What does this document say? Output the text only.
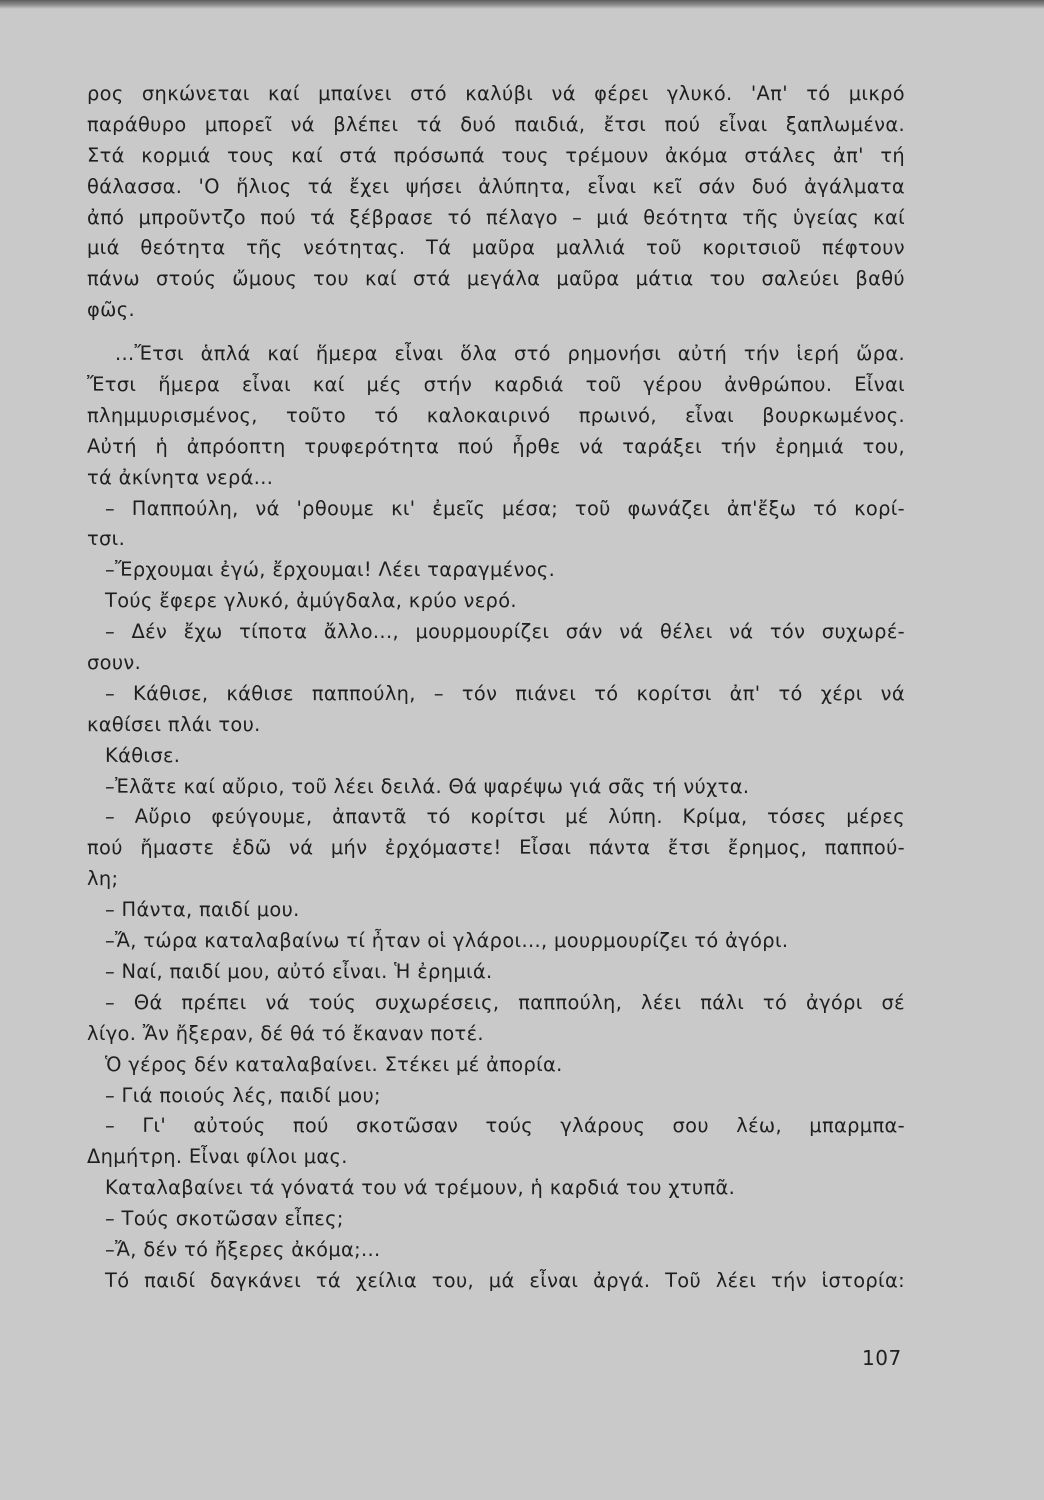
ρος σηκώνεται καί μπαίνει στό καλύβι νά φέρει γλυκό. 'Απ' τό μικρό
παράθυρο μπορεῖ νά βλέπει τά δυό παιδιά, ἔτσι πού εἶναι ξαπλωμένα.
Στά κορμιά τους καί στά πρόσωπά τους τρέμουν ἀκόμα στάλες ἀπ' τή
θάλασσα. 'Ο ἥλιος τά ἔχει ψήσει ἀλύπητα, εἶναι κεῖ σάν δυό ἀγάλματα
ἀπό μπροῦντζο πού τά ξέβρασε τό πέλαγο – μιά θεότητα τῆς ὑγείας καί
μιά θεότητα τῆς νεότητας. Τά μαῦρα μαλλιά τοῦ κοριτσιοῦ πέφτουν
πάνω στούς ὤμους του καί στά μεγάλα μαῦρα μάτια του σαλεύει βαθύ
φῶς.
...Ἔτσι ἁπλά καί ἥμερα εἶναι ὅλα στό ρημονήσι αὐτή τήν ἱερή ὥρα.
Ἔτσι ἥμερα εἶναι καί μές στήν καρδιά τοῦ γέρου ἀνθρώπου. Εἶναι
πλημμυρισμένος, τοῦτο τό καλοκαιρινό πρωινό, εἶναι βουρκωμένος.
Αὐτή ἡ ἀπρόοπτη τρυφερότητα πού ἦρθε νά ταράξει τήν ἐρημιά του,
τά ἀκίνητα νερά...
– Παππούλη, νά 'ρθουμε κι' ἐμεῖς μέσα; τοῦ φωνάζει ἀπ'ἔξω τό κορί-
τσι.
–Ἔρχουμαι ἐγώ, ἔρχουμαι! Λέει ταραγμένος.
Τούς ἔφερε γλυκό, ἀμύγδαλα, κρύο νερό.
– Δέν ἔχω τίποτα ἄλλο..., μουρμουρίζει σάν νά θέλει νά τόν συχωρέ-
σουν.
– Κάθισε, κάθισε παππούλη, – τόν πιάνει τό κορίτσι ἀπ' τό χέρι νά
καθίσει πλάι του.
Κάθισε.
–Ἐλᾶτε καί αὔριο, τοῦ λέει δειλά. Θά ψαρέψω γιά σᾶς τή νύχτα.
– Αὔριο φεύγουμε, ἀπαντᾶ τό κορίτσι μέ λύπη. Κρίμα, τόσες μέρες
πού ἤμαστε ἐδῶ νά μήν ἐρχόμαστε! Εἶσαι πάντα ἔτσι ἔρημος, παππού-
λη;
– Πάντα, παιδί μου.
–Ἄ, τώρα καταλαβαίνω τί ἦταν οἱ γλάροι..., μουρμουρίζει τό ἀγόρι.
– Ναί, παιδί μου, αὐτό εἶναι. Ἡ ἐρημιά.
– Θά πρέπει νά τούς συχωρέσεις, παππούλη, λέει πάλι τό ἀγόρι σέ
λίγο. Ἄν ἤξεραν, δέ θά τό ἔκαναν ποτέ.
Ὁ γέρος δέν καταλαβαίνει. Στέκει μέ ἀπορία.
– Γιά ποιούς λές, παιδί μου;
– Γι' αὐτούς πού σκοτῶσαν τούς γλάρους σου λέω, μπαρμπα-
Δημήτρη. Εἶναι φίλοι μας.
Καταλαβαίνει τά γόνατά του νά τρέμουν, ἡ καρδιά του χτυπᾶ.
– Τούς σκοτῶσαν εἶπες;
–Ἄ, δέν τό ἤξερες ἀκόμα;...
Τό παιδί δαγκάνει τά χείλια του, μά εἶναι ἀργά. Τοῦ λέει τήν ἱστορία:
107
